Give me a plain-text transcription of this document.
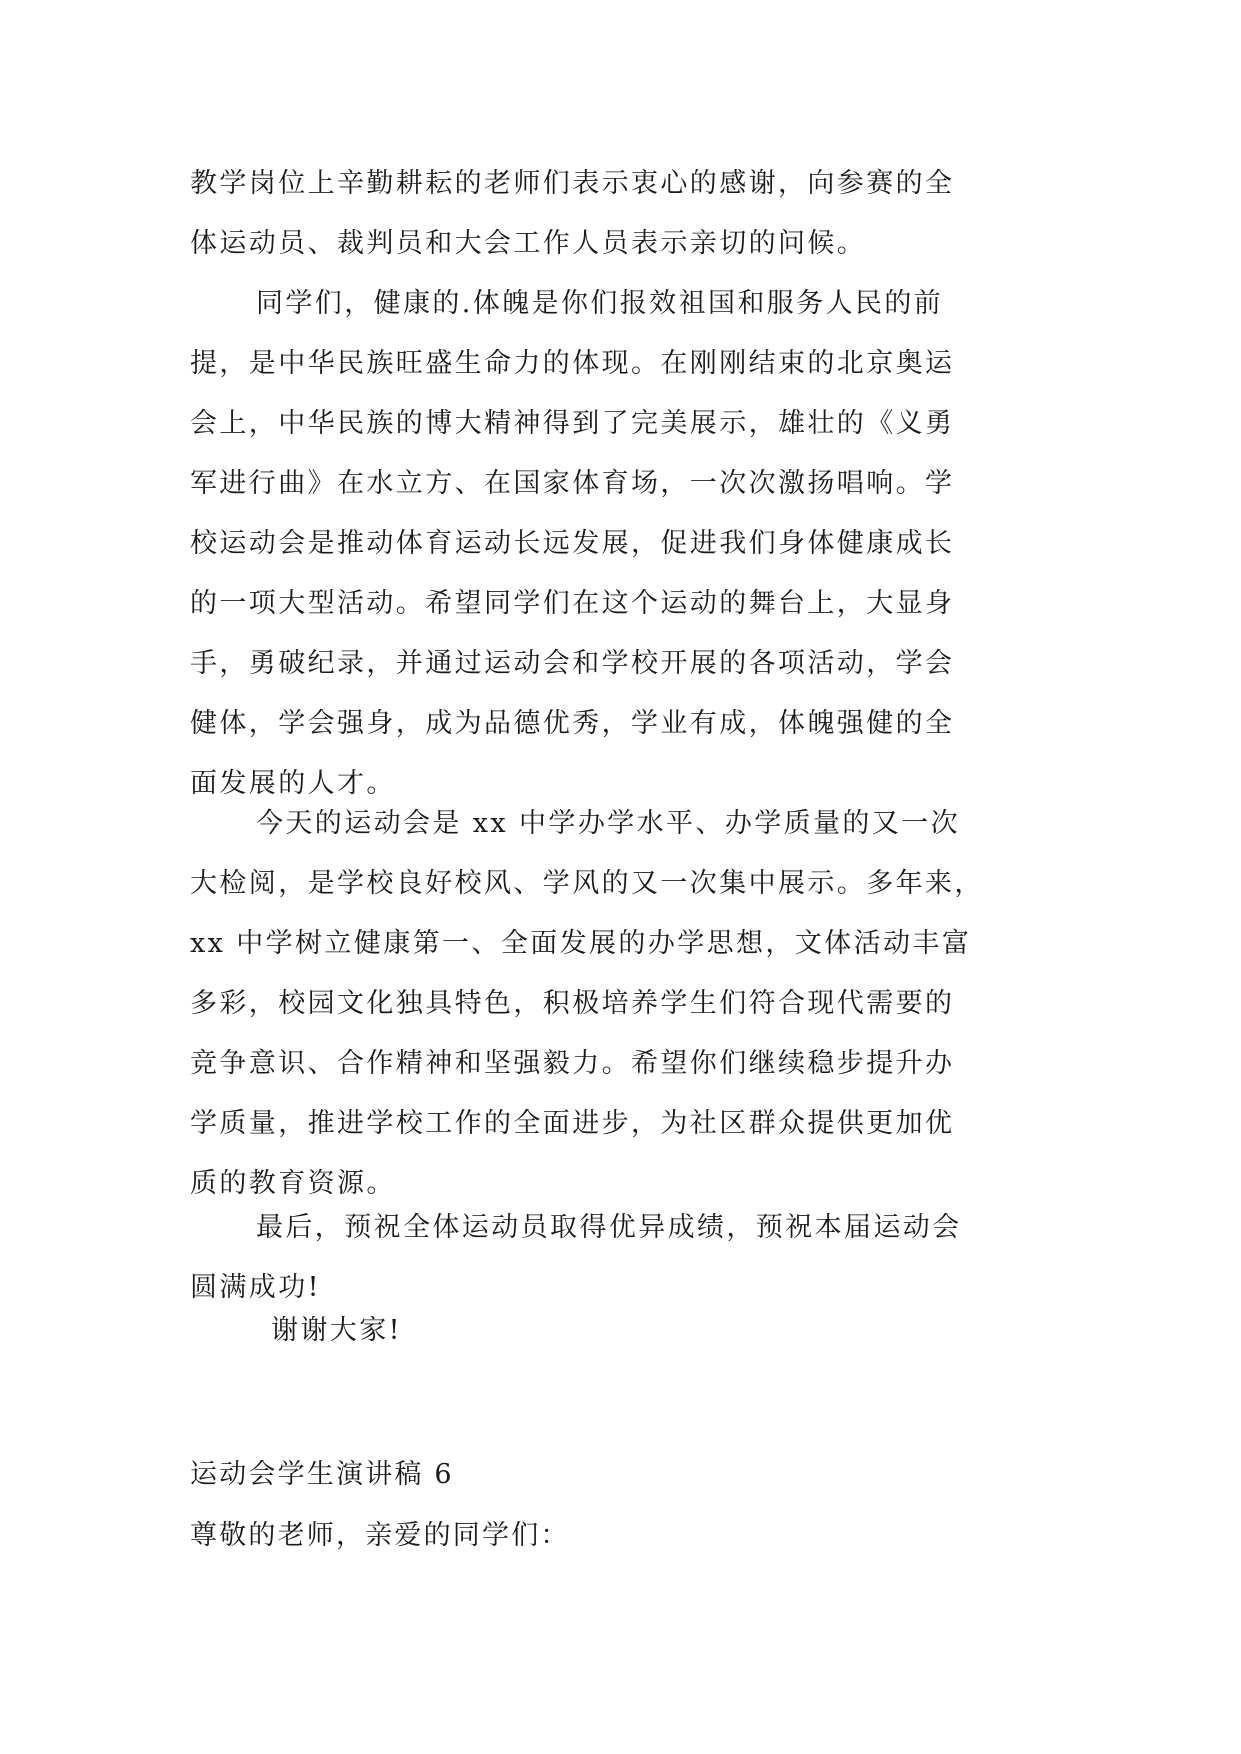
教学岗位上辛勤耕耘的老师们表示衷心的感谢，向参赛的全
体运动员、裁判员和大会工作人员表示亲切的问候。
同学们，健康的.体魄是你们报效祖国和服务人民的前
提，是中华民族旺盛生命力的体现。在刚刚结束的北京奥运
会上，中华民族的博大精神得到了完美展示，雄壮的《义勇
军进行曲》在水立方、在国家体育场，一次次激扬唱响。学
校运动会是推动体育运动长远发展，促进我们身体健康成长
的一项大型活动。希望同学们在这个运动的舞台上，大显身
手，勇破纪录，并通过运动会和学校开展的各项活动，学会
健体，学会强身，成为品德优秀，学业有成，体魄强健的全
面发展的人才。
今天的运动会是 xx 中学办学水平、办学质量的又一次
大检阅，是学校良好校风、学风的又一次集中展示。多年来，
xx 中学树立健康第一、全面发展的办学思想，文体活动丰富
多彩，校园文化独具特色，积极培养学生们符合现代需要的
竞争意识、合作精神和坚强毅力。希望你们继续稳步提升办
学质量，推进学校工作的全面进步，为社区群众提供更加优
质的教育资源。
最后，预祝全体运动员取得优异成绩，预祝本届运动会
圆满成功!
谢谢大家!
运动会学生演讲稿 6
尊敬的老师，亲爱的同学们：
